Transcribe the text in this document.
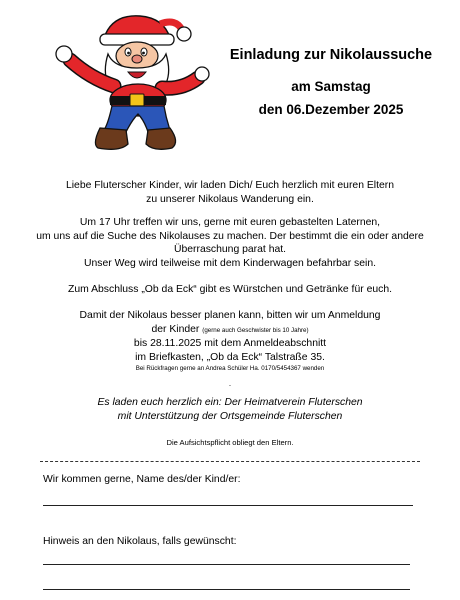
Einladung zur Nikolaussuche
am Samstag
den 06.Dezember 2025

Liebe Fluterscher Kinder, wir laden Dich/ Euch herzlich mit euren Eltern

zu unserer Nikolaus Wanderung ein.

Um 17 Uhr treffen wir uns, gerne mit euren gebastelten Laternen,

um uns auf die Suche des Nikolauses zu machen. Der bestimmt die ein oder andere

Überraschung parat hat.

Unser Weg wird teilweise mit dem Kinderwagen befahrbar sein.

Zum Abschluss „Ob da Eck“ gibt es Würstchen und Getränke für euch.

Damit der Nikolaus besser planen kann, bitten wir um Anmeldung

der Kinder (gerne auch Geschwister bis 10 Jahre)

bis 28.11.2025 mit dem Anmeldeabschnitt

im Briefkasten, „Ob da Eck“ Talstraße 35.

Bei Rückfragen gerne an Andrea Schüler Ha. 0170/5454367 wenden

.

Es laden euch herzlich ein: Der Heimatverein Fluterschen

mit Unterstützung der Ortsgemeinde Fluterschen

Die Aufsichtspflicht obliegt den Eltern.
Wir kommen gerne, Name des/der Kind/er:
Hinweis an den Nikolaus, falls gewünscht:
